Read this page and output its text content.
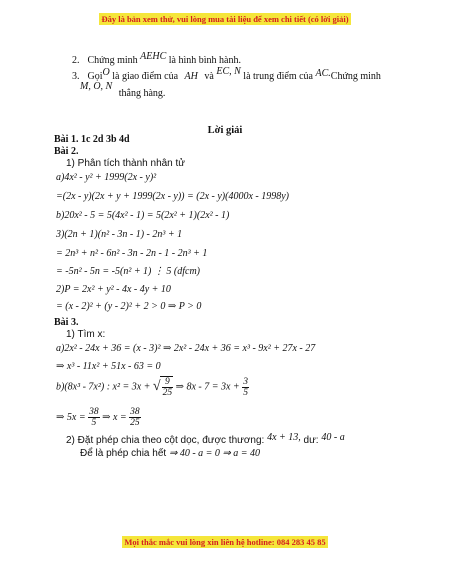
Đây là bản xem thử, vui lòng mua tài liệu để xem chi tiết (có lời giải)
2. Chứng minh AEHC là hình bình hành.
3. GọiO là giao điểm của AH và EC, N là trung điểm của AC.Chứng minh
M, O, N thẳng hàng.
Lời giải
Bài 1. 1c 2d 3b 4d
Bài 2.
1) Phân tích thành nhân tử
a)4x² - y² + 1999(2x - y)²
=(2x - y)(2x + y + 1999(2x - y)) = (2x - y)(4000x - 1998y)
b)20x² - 5 = 5(4x² - 1) = 5(2x² + 1)(2x² - 1)
3)(2n + 1)(n² - 3n - 1) - 2n³ + 1
= 2n³ + n² - 6n² - 3n - 2n - 1 - 2n³ + 1
= -5n² - 5n = -5(n² + 1) ⋮ 5 (dfcm)
2)P = 2x² + y² - 4x - 4y + 10
= (x - 2)² + (y - 2)² + 2 > 0 ⇒ P > 0
Bài 3.
1) Tìm x:
a)2x² - 24x + 36 = (x - 3)² ⇒ 2x² - 24x + 36 = x³ - 9x² + 27x - 27
⇒ x³ - 11x² + 51x - 63 = 0
b)(8x³ - 7x²) : x² = 3x + √ $\frac{9}{25}$ ⇒ $8x - 7 = 3x + \frac{3}{5}$
⇒ $5x = \frac{38}{5}$ ⇒ $x = \frac{38}{25}$
2) Đặt phép chia theo cột dọc, được thương: 4x + 13, dư: 40 - a
Để là phép chia hết ⇒ 40 - a = 0 ⇒ a = 40
Mọi thắc mắc vui lòng xin liên hệ hotline: 084 283 45 85
